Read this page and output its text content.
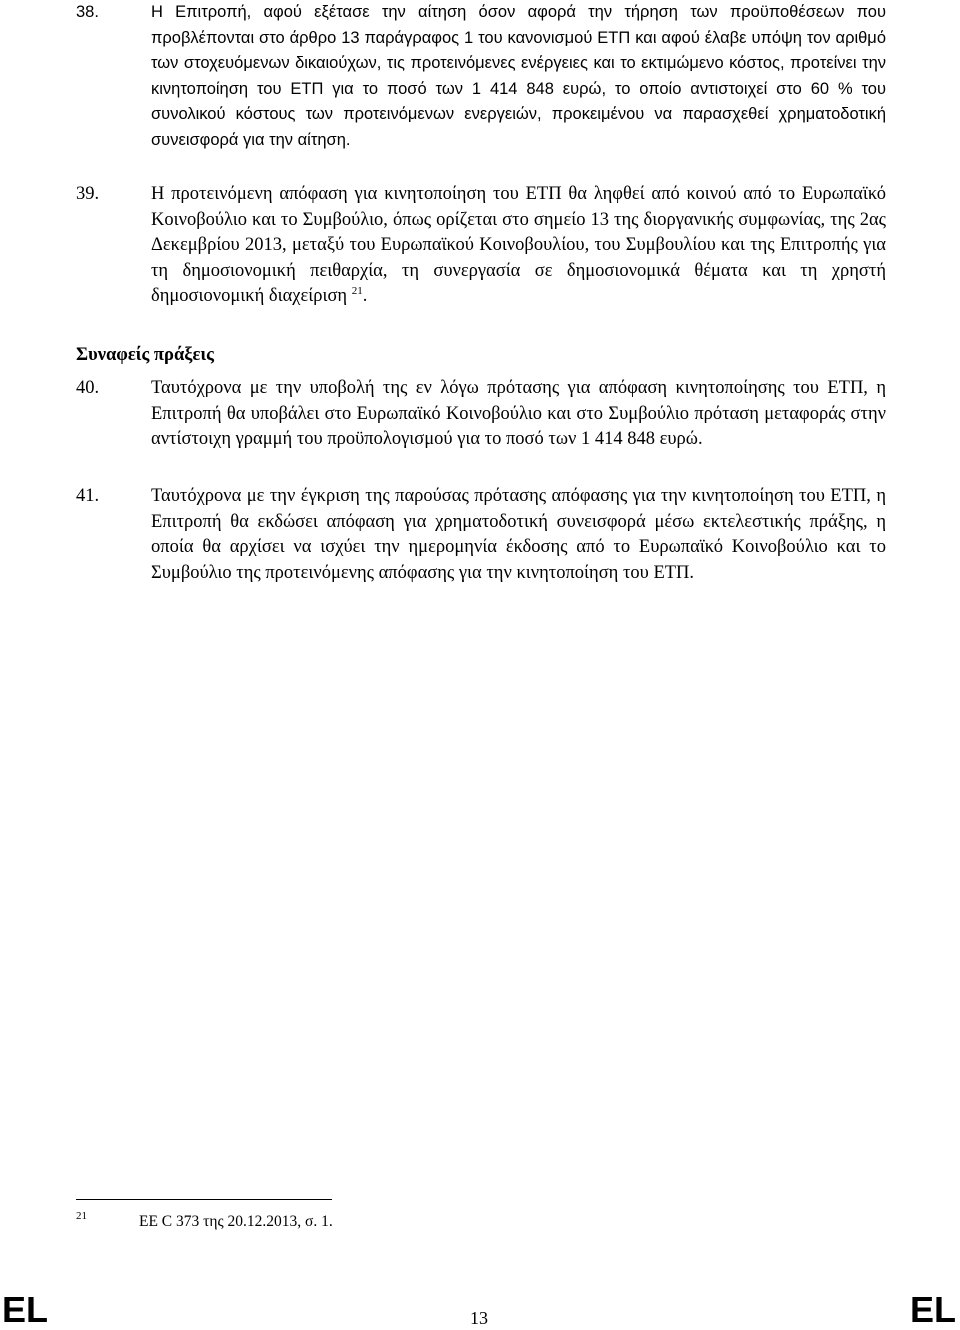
38.	Η Επιτροπή, αφού εξέτασε την αίτηση όσον αφορά την τήρηση των προϋποθέσεων που προβλέπονται στο άρθρο 13 παράγραφος 1 του κανονισμού ΕΤΠ και αφού έλαβε υπόψη τον αριθμό των στοχευόμενων δικαιούχων, τις προτεινόμενες ενέργειες και το εκτιμώμενο κόστος, προτείνει την κινητοποίηση του ΕΤΠ για το ποσό των 1 414 848 ευρώ, το οποίο αντιστοιχεί στο 60 % του συνολικού κόστους των προτεινόμενων ενεργειών, προκειμένου να παρασχεθεί χρηματοδοτική συνεισφορά για την αίτηση.
39.	Η προτεινόμενη απόφαση για κινητοποίηση του ΕΤΠ θα ληφθεί από κοινού από το Ευρωπαϊκό Κοινοβούλιο και το Συμβούλιο, όπως ορίζεται στο σημείο 13 της διοργανικής συμφωνίας, της 2ας Δεκεμβρίου 2013, μεταξύ του Ευρωπαϊκού Κοινοβουλίου, του Συμβουλίου και της Επιτροπής για τη δημοσιονομική πειθαρχία, τη συνεργασία σε δημοσιονομικά θέματα και τη χρηστή δημοσιονομική διαχείριση $^{21}$.
Συναφείς πράξεις
40.	Ταυτόχρονα με την υποβολή της εν λόγω πρότασης για απόφαση κινητοποίησης του ΕΤΠ, η Επιτροπή θα υποβάλει στο Ευρωπαϊκό Κοινοβούλιο και στο Συμβούλιο πρόταση μεταφοράς στην αντίστοιχη γραμμή του προϋπολογισμού για το ποσό των 1 414 848 ευρώ.
41.	Ταυτόχρονα με την έγκριση της παρούσας πρότασης απόφασης για την κινητοποίηση του ΕΤΠ, η Επιτροπή θα εκδώσει απόφαση για χρηματοδοτική συνεισφορά μέσω εκτελεστικής πράξης, η οποία θα αρχίσει να ισχύει την ημερομηνία έκδοσης από το Ευρωπαϊκό Κοινοβούλιο και το Συμβούλιο της προτεινόμενης απόφασης για την κινητοποίηση του ΕΤΠ.
21	ΕΕ C 373 της 20.12.2013, σ. 1.
EL	13	EL
